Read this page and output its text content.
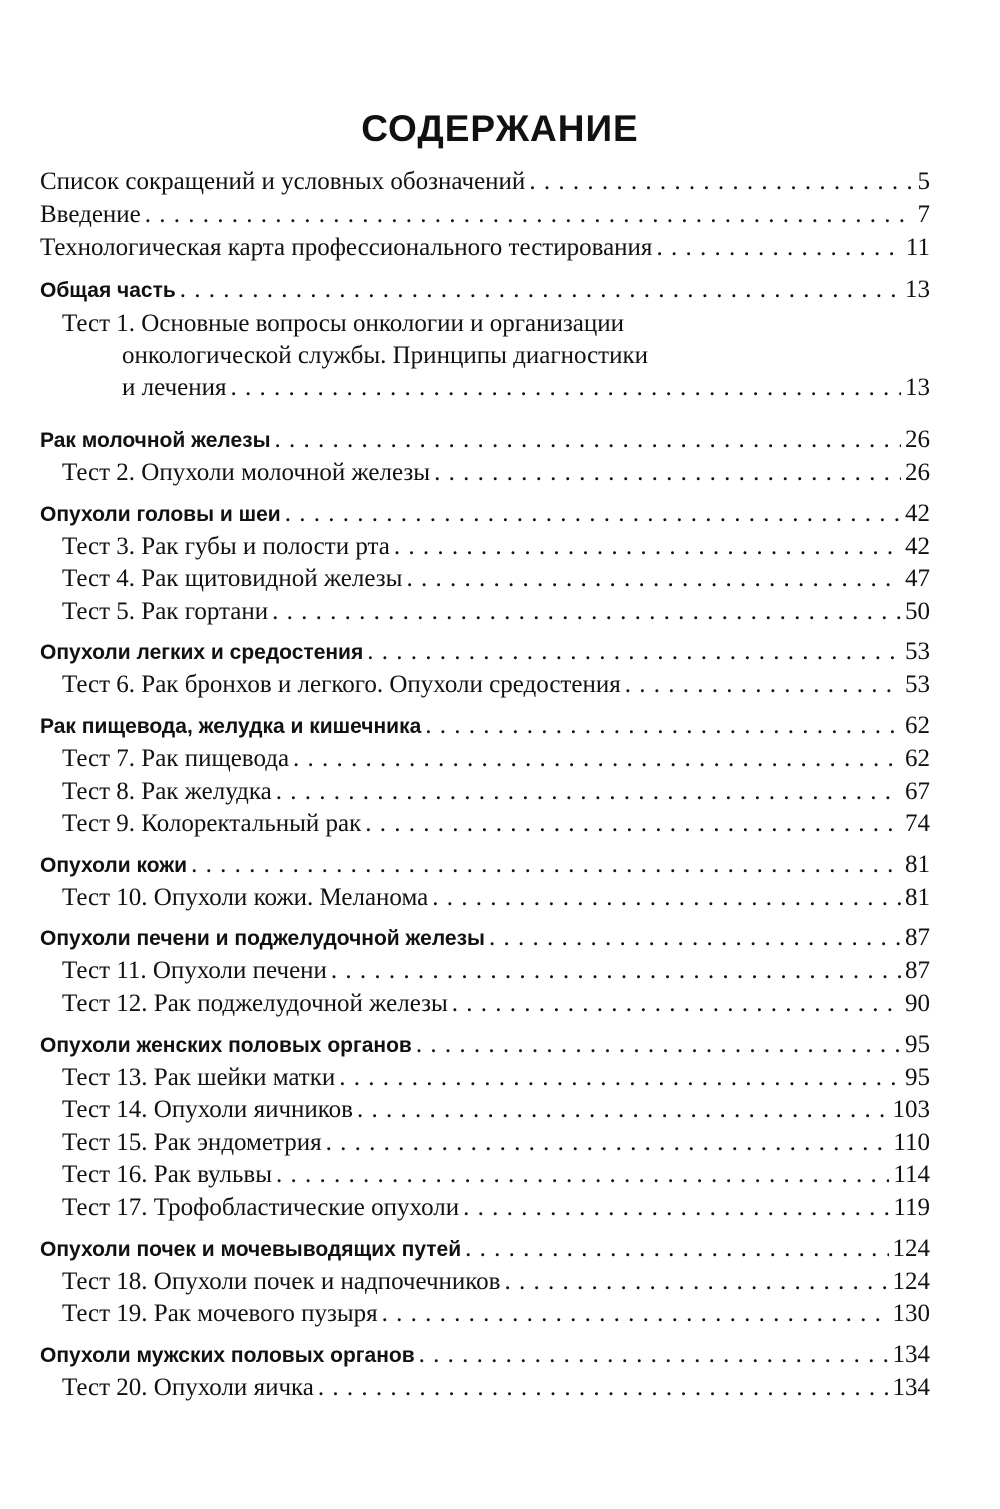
СОДЕРЖАНИЕ
Список сокращений и условных обозначений . . .	5
Введение . . .	7
Технологическая карта профессионального тестирования . . .	11
Общая часть . . .	13
Тест 1. Основные вопросы онкологии и организации
онкологической службы. Принципы диагностики
и лечения . . .	13
Рак молочной железы . . .	26
Тест 2. Опухоли молочной железы . . .	26
Опухоли головы и шеи . . .	42
Тест 3. Рак губы и полости рта . . .	42
Тест 4. Рак щитовидной железы . . .	47
Тест 5. Рак гортани . . .	50
Опухоли легких и средостения . . .	53
Тест 6. Рак бронхов и легкого. Опухоли средостения . . .	53
Рак пищевода, желудка и кишечника . . .	62
Тест 7. Рак пищевода . . .	62
Тест 8. Рак желудка . . .	67
Тест 9. Колоректальный рак . . .	74
Опухоли кожи . . .	81
Тест 10. Опухоли кожи. Меланома . . .	81
Опухоли печени и поджелудочной железы . . .	87
Тест 11. Опухоли печени . . .	87
Тест 12. Рак поджелудочной железы . . .	90
Опухоли женских половых органов . . .	95
Тест 13. Рак шейки матки . . .	95
Тест 14. Опухоли яичников . . .	103
Тест 15. Рак эндометрия . . .	110
Тест 16. Рак вульвы . . .	114
Тест 17. Трофобластические опухоли . . .	119
Опухоли почек и мочевыводящих путей . . .	124
Тест 18. Опухоли почек и надпочечников . . .	124
Тест 19. Рак мочевого пузыря . . .	130
Опухоли мужских половых органов . . .	134
Тест 20. Опухоли яичка . . .	134
